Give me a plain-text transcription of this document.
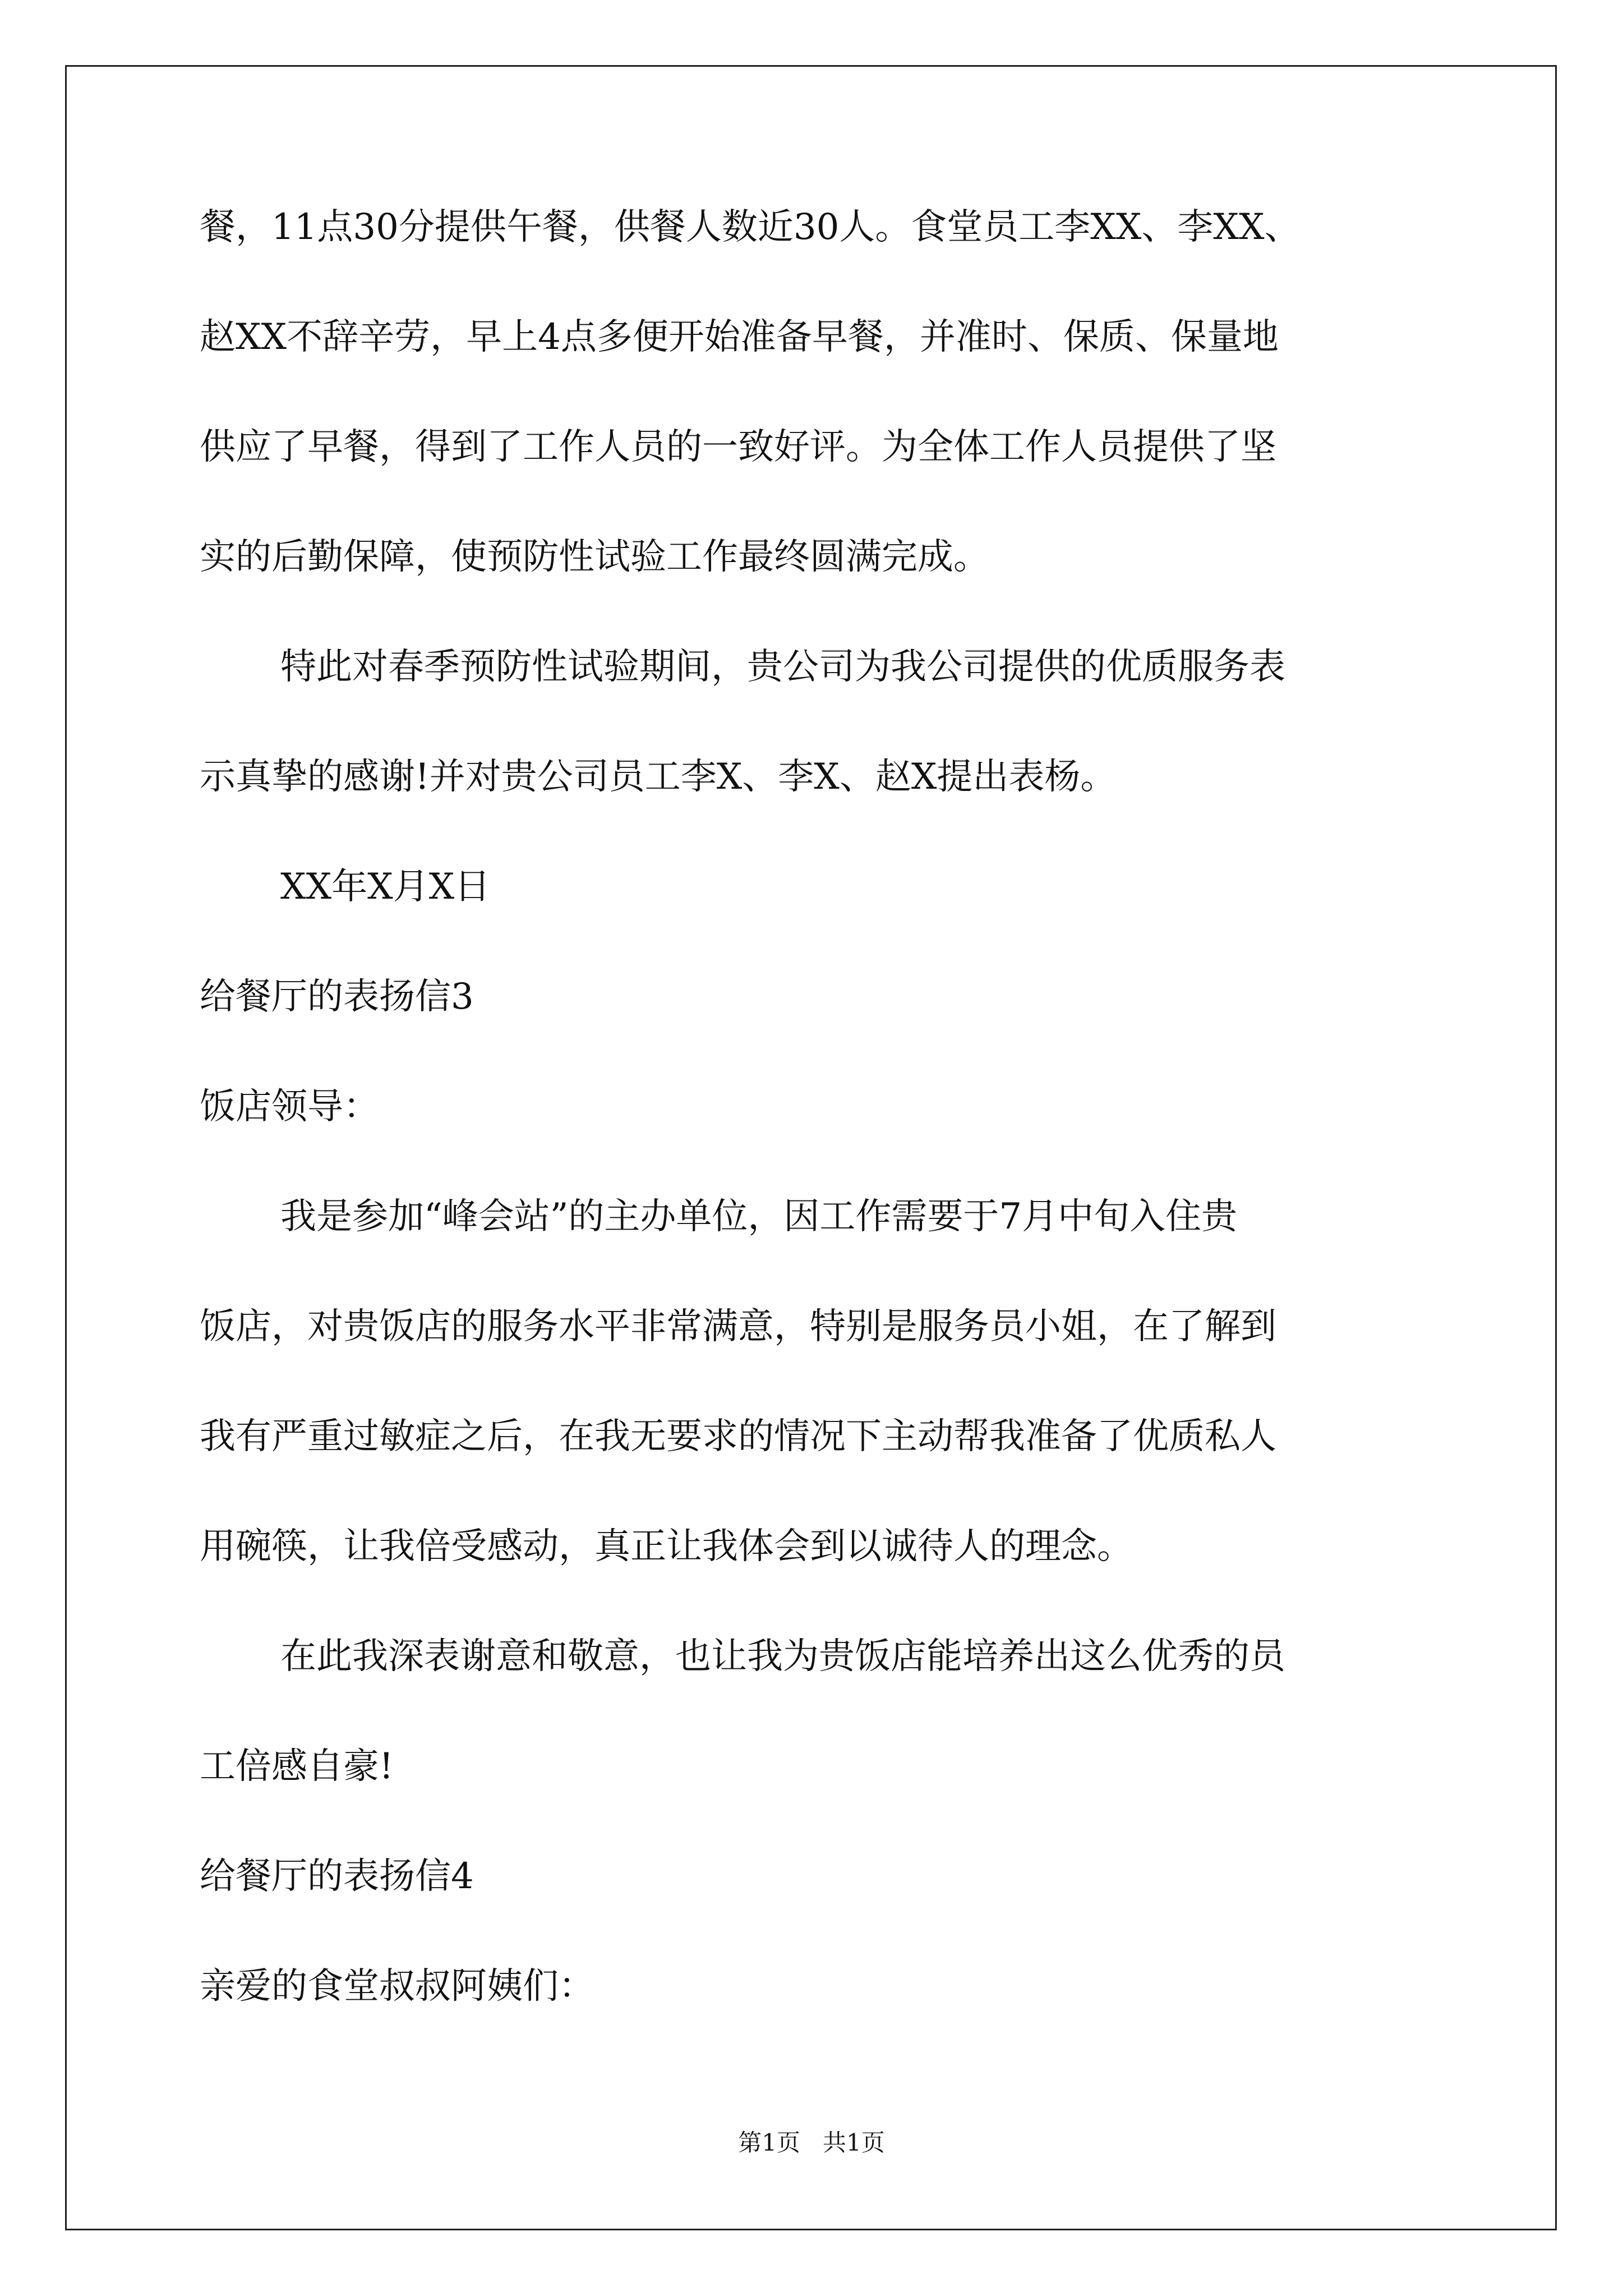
餐，11点30分提供午餐，供餐人数近30人。食堂员工李XX、李XX、
赵XX不辞辛劳，早上4点多便开始准备早餐，并准时、保质、保量地
供应了早餐，得到了工作人员的一致好评。为全体工作人员提供了坚
实的后勤保障，使预防性试验工作最终圆满完成。
特此对春季预防性试验期间，贵公司为我公司提供的优质服务表
示真挚的感谢!并对贵公司员工李X、李X、赵X提出表杨。
XX年X月X日
给餐厅的表扬信3
饭店领导：
我是参加“峰会站”的主办单位，因工作需要于7月中旬入住贵
饭店，对贵饭店的服务水平非常满意，特别是服务员小姐，在了解到
我有严重过敏症之后，在我无要求的情况下主动帮我准备了优质私人
用碗筷，让我倍受感动，真正让我体会到以诚待人的理念。
在此我深表谢意和敬意，也让我为贵饭店能培养出这么优秀的员
工倍感自豪!
给餐厅的表扬信4
亲爱的食堂叔叔阿姨们：
第1页   共1页
